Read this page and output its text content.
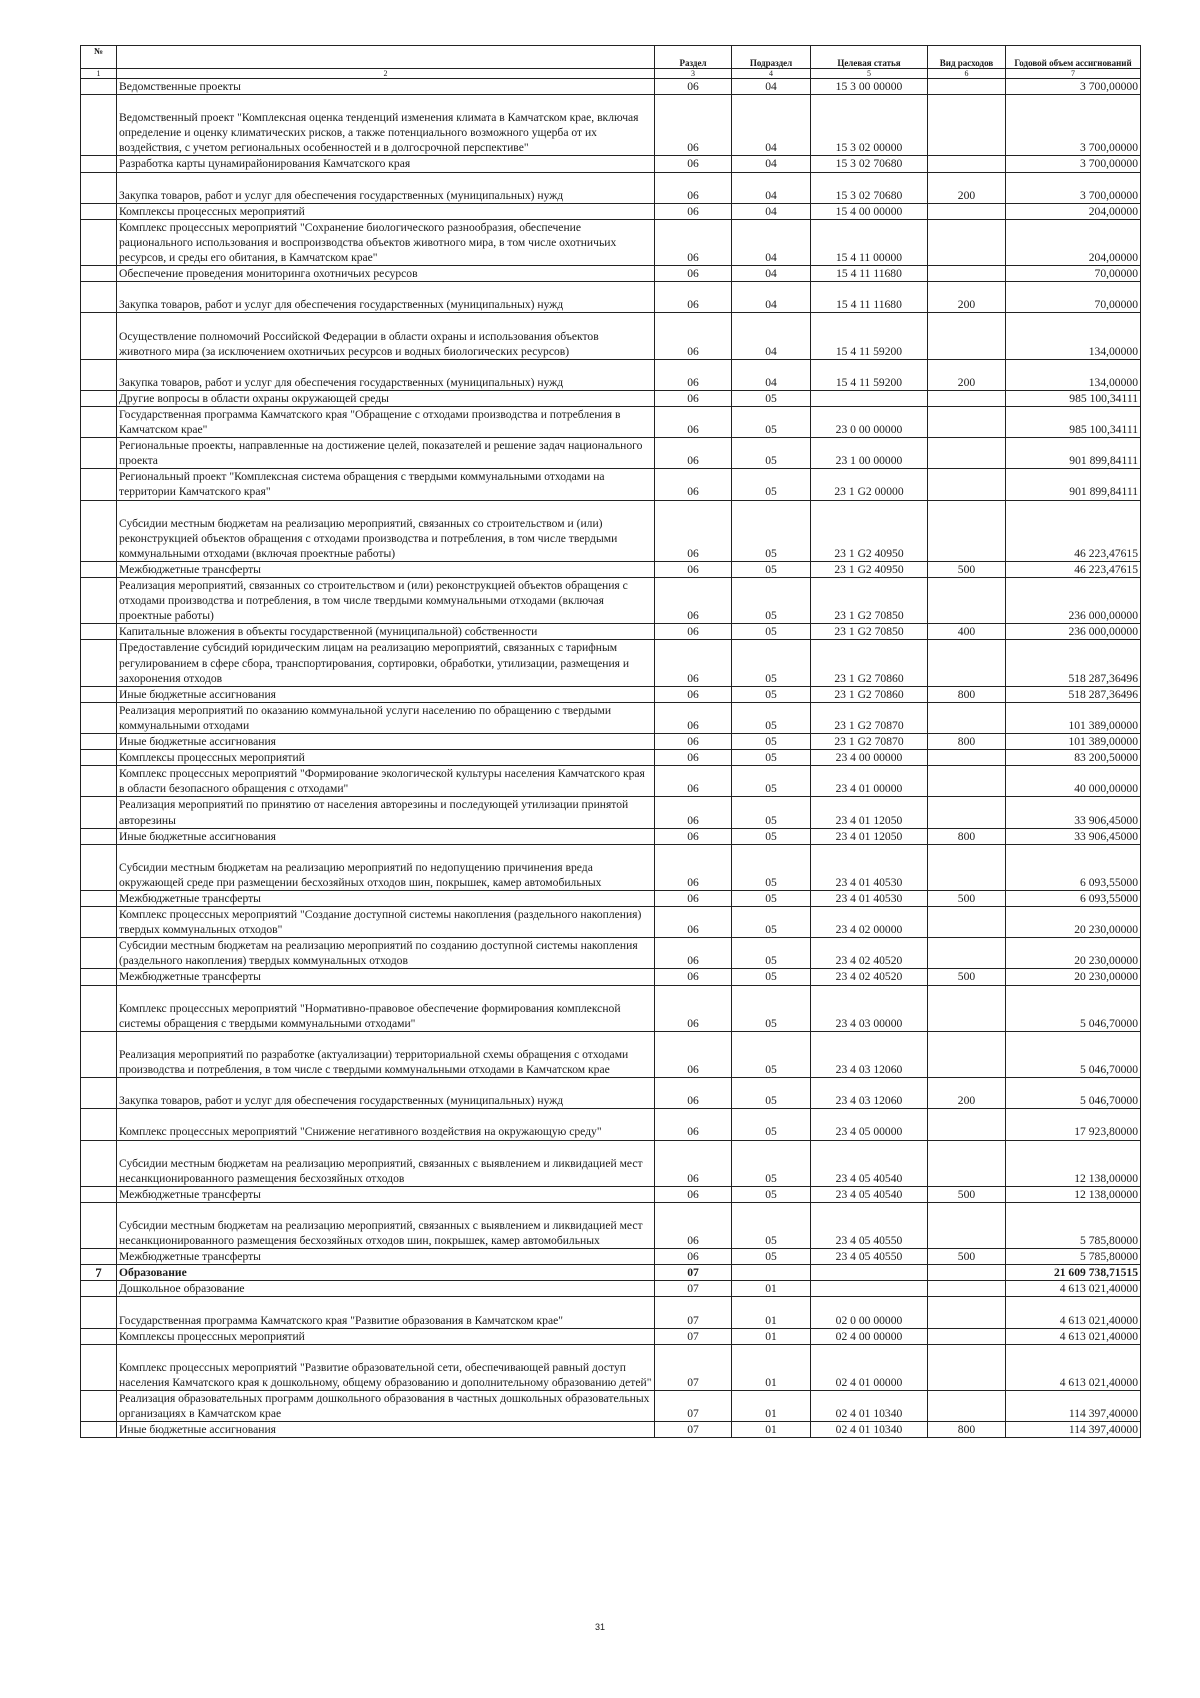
№		Раздел	Подраздел	Целевая статья	Вид расходов	Годовой объем ассигнований
1	2	3	4	5	6	7
	Ведомственные проекты	06	04	15 3 00 00000		3 700,00000
	Ведомственный проект "Комплексная оценка тенденций изменения климата в Камчатском крае, включая определение и оценку климатических рисков, а также потенциального возможного ущерба от их воздействия, с учетом региональных особенностей и в долгосрочной перспективе"	06	04	15 3 02 00000		3 700,00000
	Разработка карты цунамирайонирования Камчатского края	06	04	15 3 02 70680		3 700,00000
	Закупка товаров, работ и услуг для обеспечения государственных (муниципальных) нужд	06	04	15 3 02 70680	200	3 700,00000
	Комплексы процессных мероприятий	06	04	15 4 00 00000		204,00000
	Комплекс процессных мероприятий "Сохранение биологического разнообразия, обеспечение рационального использования и воспроизводства объектов животного мира, в том числе охотничьих ресурсов, и среды его обитания, в Камчатском крае"	06	04	15 4 11 00000		204,00000
	Обеспечение проведения мониторинга охотничьих ресурсов	06	04	15 4 11 11680		70,00000
	Закупка товаров, работ и услуг для обеспечения государственных (муниципальных) нужд	06	04	15 4 11 11680	200	70,00000
	Осуществление полномочий Российской Федерации в области охраны и использования объектов животного мира (за исключением охотничьих ресурсов и водных биологических ресурсов)	06	04	15 4 11 59200		134,00000
	Закупка товаров, работ и услуг для обеспечения государственных (муниципальных) нужд	06	04	15 4 11 59200	200	134,00000
	Другие вопросы в области охраны окружающей среды	06	05			985 100,34111
	Государственная программа Камчатского края "Обращение с отходами производства и потребления в Камчатском крае"	06	05	23 0 00 00000		985 100,34111
	Региональные проекты, направленные на достижение целей, показателей и решение задач национального проекта	06	05	23 1 00 00000		901 899,84111
	Региональный проект "Комплексная система обращения с твердыми коммунальными отходами на территории Камчатского края"	06	05	23 1 G2 00000		901 899,84111
	Субсидии местным бюджетам на реализацию мероприятий, связанных со строительством и (или) реконструкцией объектов обращения с отходами производства и потребления, в том числе твердыми коммунальными отходами (включая проектные работы)	06	05	23 1 G2 40950		46 223,47615
	Межбюджетные трансферты	06	05	23 1 G2 40950	500	46 223,47615
	Реализация мероприятий, связанных со строительством и (или) реконструкцией объектов обращения с отходами производства и потребления, в том числе твердыми коммунальными отходами (включая проектные работы)	06	05	23 1 G2 70850		236 000,00000
	Капитальные вложения в объекты государственной (муниципальной) собственности	06	05	23 1 G2 70850	400	236 000,00000
	Предоставление субсидий юридическим лицам на реализацию мероприятий, связанных с тарифным регулированием в сфере сбора, транспортирования, сортировки, обработки, утилизации, размещения и захоронения отходов	06	05	23 1 G2 70860		518 287,36496
	Иные бюджетные ассигнования	06	05	23 1 G2 70860	800	518 287,36496
	Реализация мероприятий по оказанию коммунальной услуги населению по обращению с твердыми коммунальными отходами	06	05	23 1 G2 70870		101 389,00000
	Иные бюджетные ассигнования	06	05	23 1 G2 70870	800	101 389,00000
	Комплексы процессных мероприятий	06	05	23 4 00 00000		83 200,50000
	Комплекс процессных мероприятий "Формирование экологической культуры населения Камчатского края в области безопасного обращения с отходами"	06	05	23 4 01 00000		40 000,00000
	Реализация мероприятий по принятию от населения авторезины и последующей утилизации принятой авторезины	06	05	23 4 01 12050		33 906,45000
	Иные бюджетные ассигнования	06	05	23 4 01 12050	800	33 906,45000
	Субсидии местным бюджетам на реализацию мероприятий по недопущению причинения вреда окружающей среде при размещении бесхозяйных отходов шин, покрышек, камер автомобильных	06	05	23 4 01 40530		6 093,55000
	Межбюджетные трансферты	06	05	23 4 01 40530	500	6 093,55000
	Комплекс процессных мероприятий "Создание доступной системы накопления (раздельного накопления) твердых коммунальных отходов"	06	05	23 4 02 00000		20 230,00000
	Субсидии местным бюджетам на реализацию мероприятий по созданию доступной системы накопления (раздельного накопления) твердых коммунальных отходов	06	05	23 4 02 40520		20 230,00000
	Межбюджетные трансферты	06	05	23 4 02 40520	500	20 230,00000
	Комплекс процессных мероприятий "Нормативно-правовое обеспечение формирования комплексной системы обращения с твердыми коммунальными отходами"	06	05	23 4 03 00000		5 046,70000
	Реализация мероприятий по разработке (актуализации) территориальной схемы обращения с отходами производства и потребления, в том числе с твердыми коммунальными отходами в Камчатском крае	06	05	23 4 03 12060		5 046,70000
	Закупка товаров, работ и услуг для обеспечения государственных (муниципальных) нужд	06	05	23 4 03 12060	200	5 046,70000
	Комплекс процессных мероприятий "Снижение негативного воздействия на окружающую среду"	06	05	23 4 05 00000		17 923,80000
	Субсидии местным бюджетам на реализацию мероприятий, связанных с выявлением и ликвидацией мест несанкционированного размещения бесхозяйных отходов	06	05	23 4 05 40540		12 138,00000
	Межбюджетные трансферты	06	05	23 4 05 40540	500	12 138,00000
	Субсидии местным бюджетам на реализацию мероприятий, связанных с выявлением и ликвидацией мест несанкционированного размещения бесхозяйных отходов шин, покрышек, камер автомобильных	06	05	23 4 05 40550		5 785,80000
	Межбюджетные трансферты	06	05	23 4 05 40550	500	5 785,80000
7	Образование	07				21 609 738,71515
	Дошкольное образование	07	01			4 613 021,40000
	Государственная программа Камчатского края "Развитие образования в Камчатском крае"	07	01	02 0 00 00000		4 613 021,40000
	Комплексы процессных мероприятий	07	01	02 4 00 00000		4 613 021,40000
	Комплекс процессных мероприятий "Развитие образовательной сети, обеспечивающей равный доступ населения Камчатского края к дошкольному, общему образованию и дополнительному образованию детей"	07	01	02 4 01 00000		4 613 021,40000
	Реализация образовательных программ дошкольного образования в частных дошкольных образовательных организациях в Камчатском крае	07	01	02 4 01 10340		114 397,40000
	Иные бюджетные ассигнования	07	01	02 4 01 10340	800	114 397,40000
31
